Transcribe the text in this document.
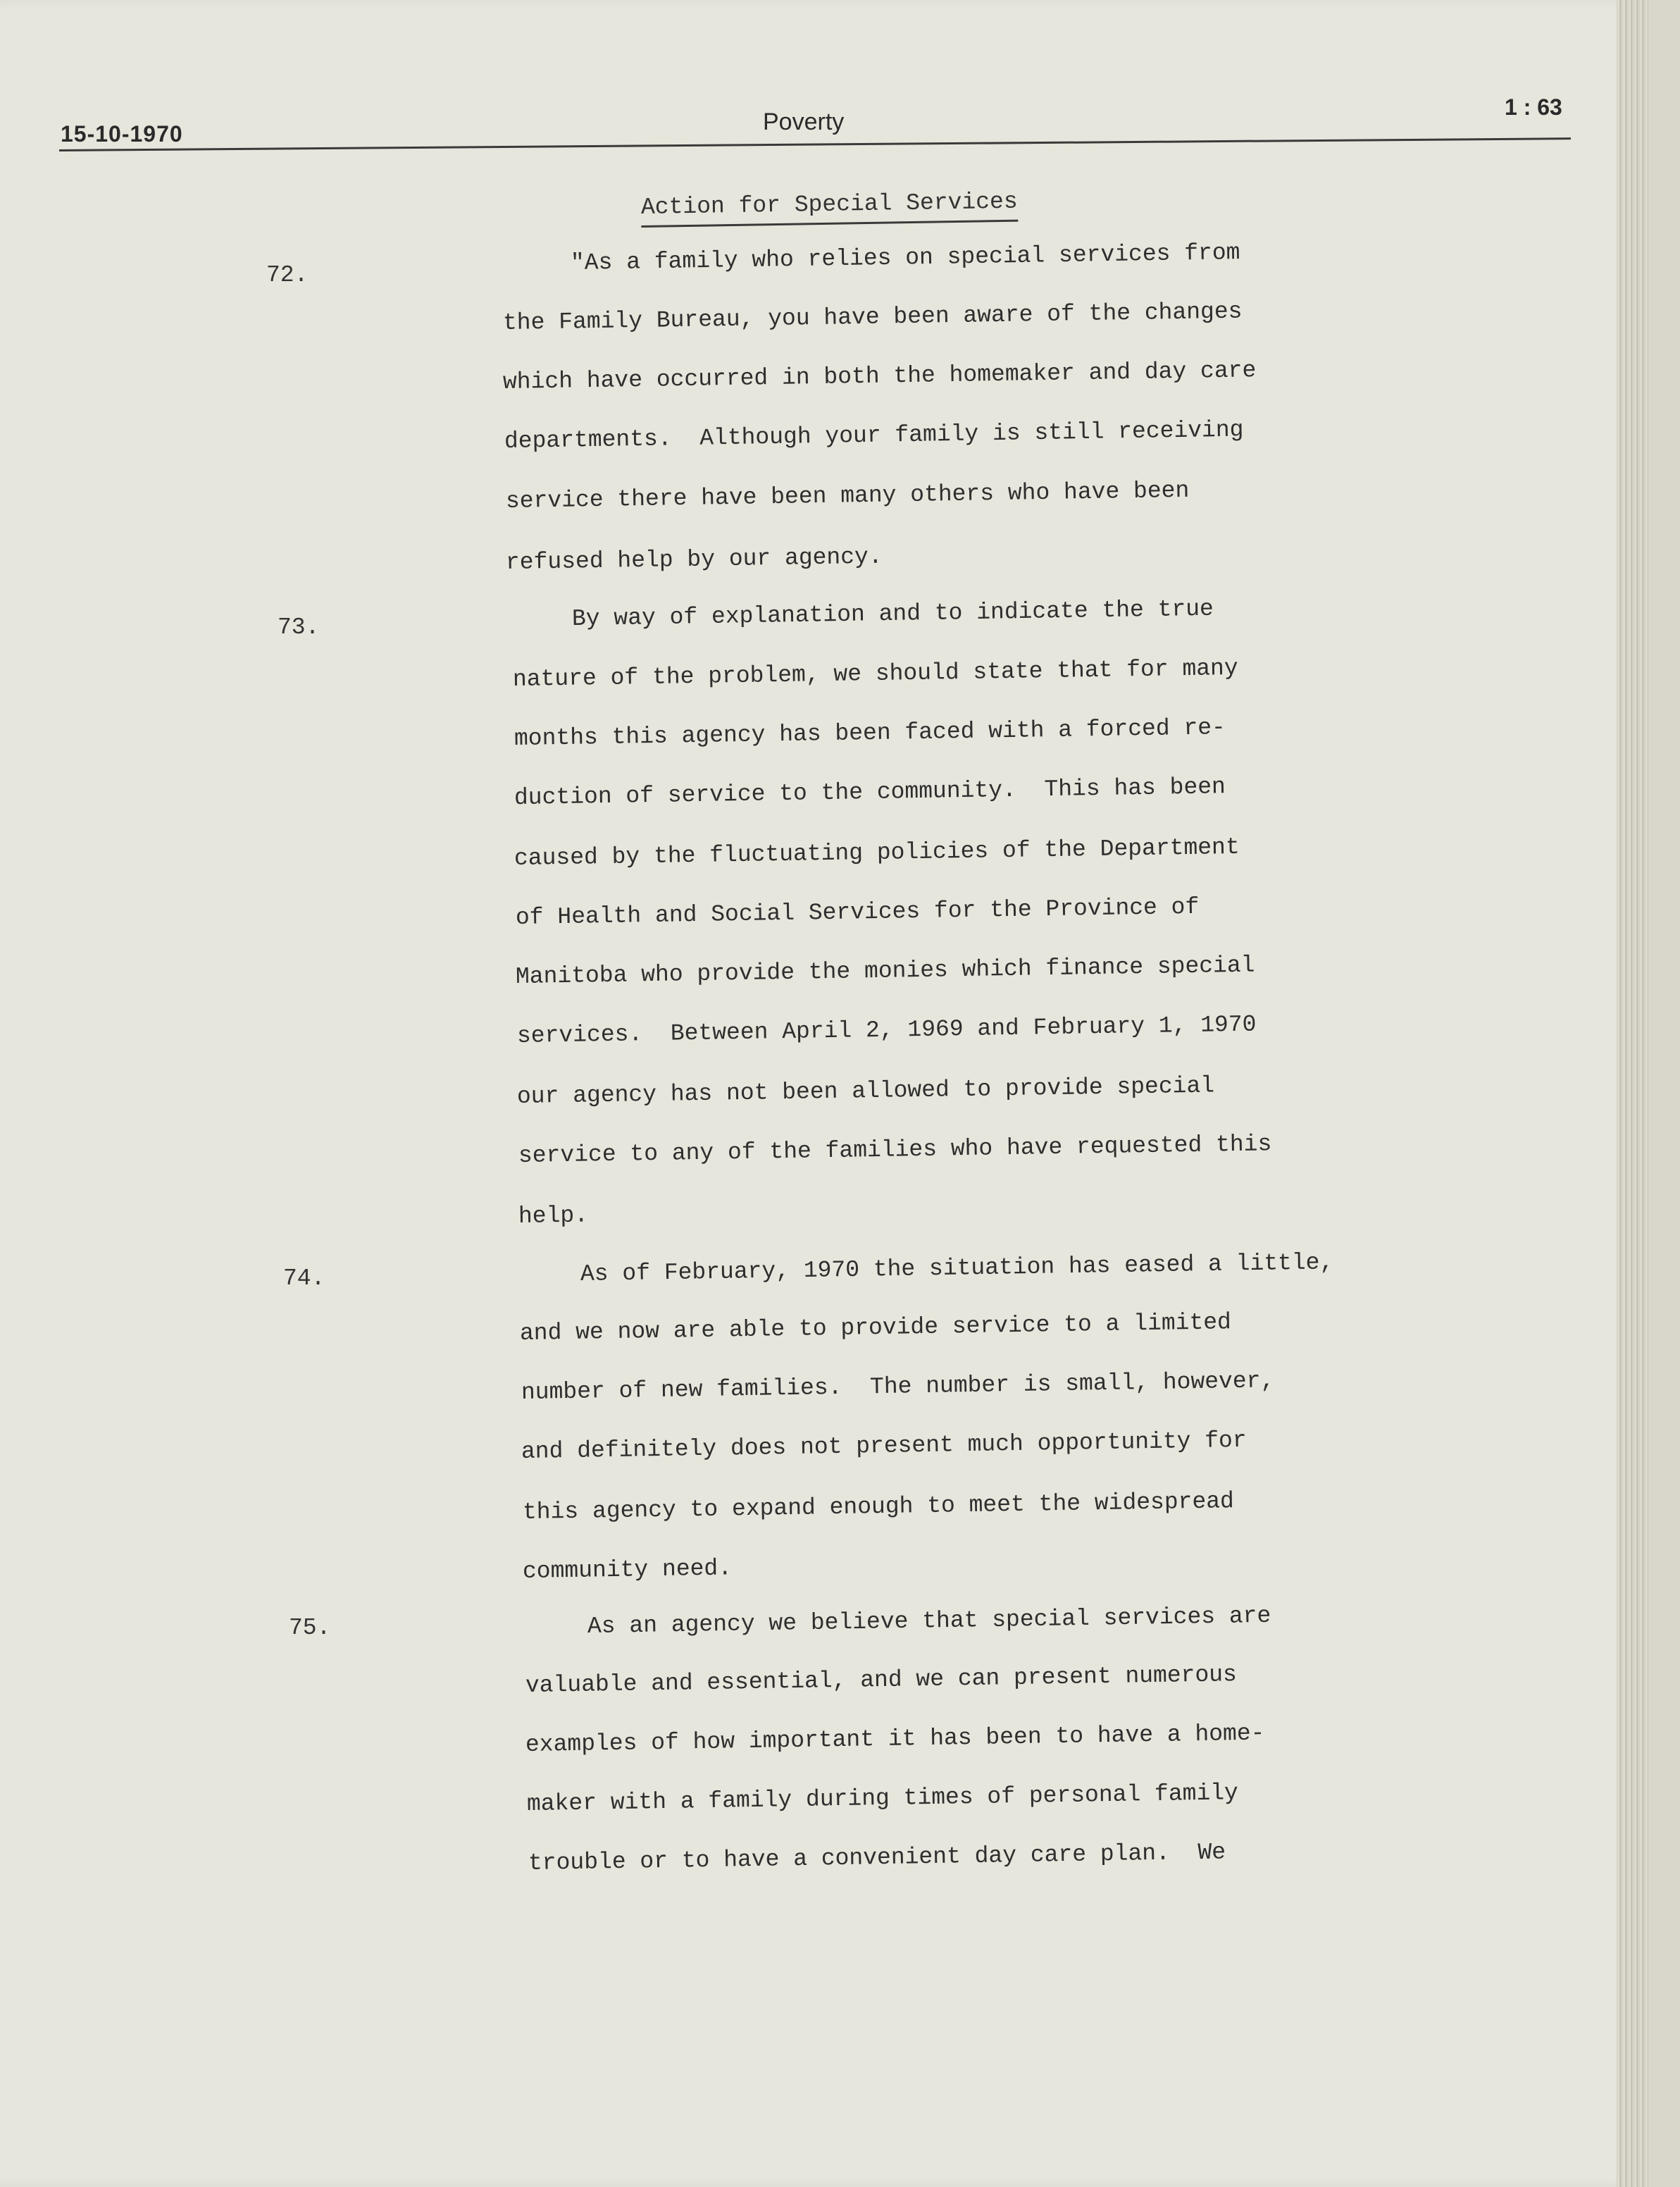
15-10-1970	Poverty
1 : 63
Action for Special Services
72.	"As a family who relies on special services from
the Family Bureau, you have been aware of the changes
which have occurred in both the homemaker and day care
departments.  Although your family is still receiving
service there have been many others who have been
refused help by our agency.
73.	By way of explanation and to indicate the true
nature of the problem, we should state that for many
months this agency has been faced with a forced re-
duction of service to the community.  This has been
caused by the fluctuating policies of the Department
of Health and Social Services for the Province of
Manitoba who provide the monies which finance special
services.  Between April 2, 1969 and February 1, 1970
our agency has not been allowed to provide special
service to any of the families who have requested this
help.
74.	As of February, 1970 the situation has eased a little,
and we now are able to provide service to a limited
number of new families.  The number is small, however,
and definitely does not present much opportunity for
this agency to expand enough to meet the widespread
community need.
75.	As an agency we believe that special services are
valuable and essential, and we can present numerous
examples of how important it has been to have a home-
maker with a family during times of personal family
trouble or to have a convenient day care plan.  We
